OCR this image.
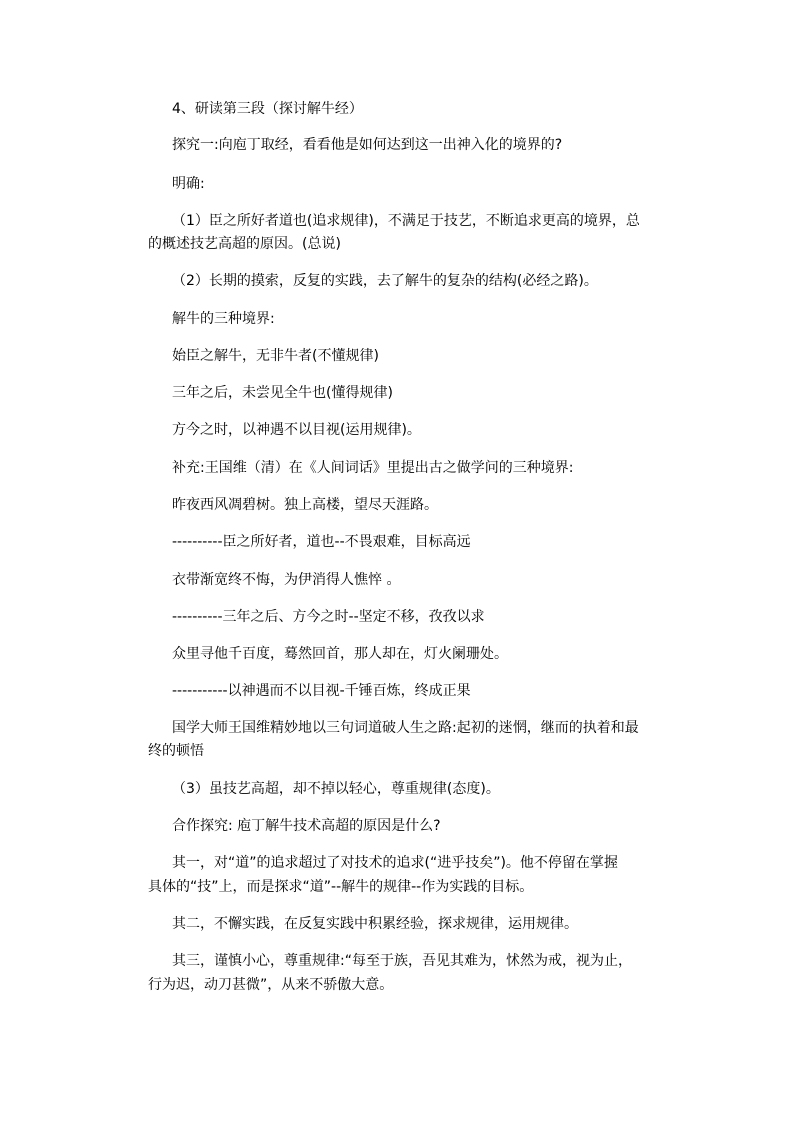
4、研读第三段（探讨解牛经）
探究一:向庖丁取经，看看他是如何达到这一出神入化的境界的?
明确:
（1）臣之所好者道也(追求规律)，不满足于技艺，不断追求更高的境界，总
的概述技艺高超的原因。(总说)
（2）长期的摸索，反复的实践，去了解牛的复杂的结构(必经之路)。
解牛的三种境界:
始臣之解牛，无非牛者(不懂规律)
三年之后，未尝见全牛也(懂得规律)
方今之时，以神遇不以目视(运用规律)。
补充:王国维（清）在《人间词话》里提出古之做学问的三种境界:
昨夜西风凋碧树。独上高楼，望尽天涯路。
----------臣之所好者，道也--不畏艰难，目标高远
衣带渐宽终不悔，为伊消得人憔悴 。
----------三年之后、方今之时--坚定不移，孜孜以求
众里寻他千百度，蓦然回首，那人却在，灯火阑珊处。
-----------以神遇而不以目视-千锤百炼，终成正果
国学大师王国维精妙地以三句词道破人生之路:起初的迷惘，继而的执着和最
终的顿悟
（3）虽技艺高超，却不掉以轻心，尊重规律(态度)。
合作探究: 庖丁解牛技术高超的原因是什么?
其一，对“道”的追求超过了对技术的追求(“进乎技矣”)。他不停留在掌握
具体的“技”上，而是探求“道”--解牛的规律--作为实践的目标。
其二，不懈实践，在反复实践中积累经验，探求规律，运用规律。
其三，谨慎小心，尊重规律:“每至于族，吾见其难为，怵然为戒，视为止，
行为迟，动刀甚微”，从来不骄傲大意。
